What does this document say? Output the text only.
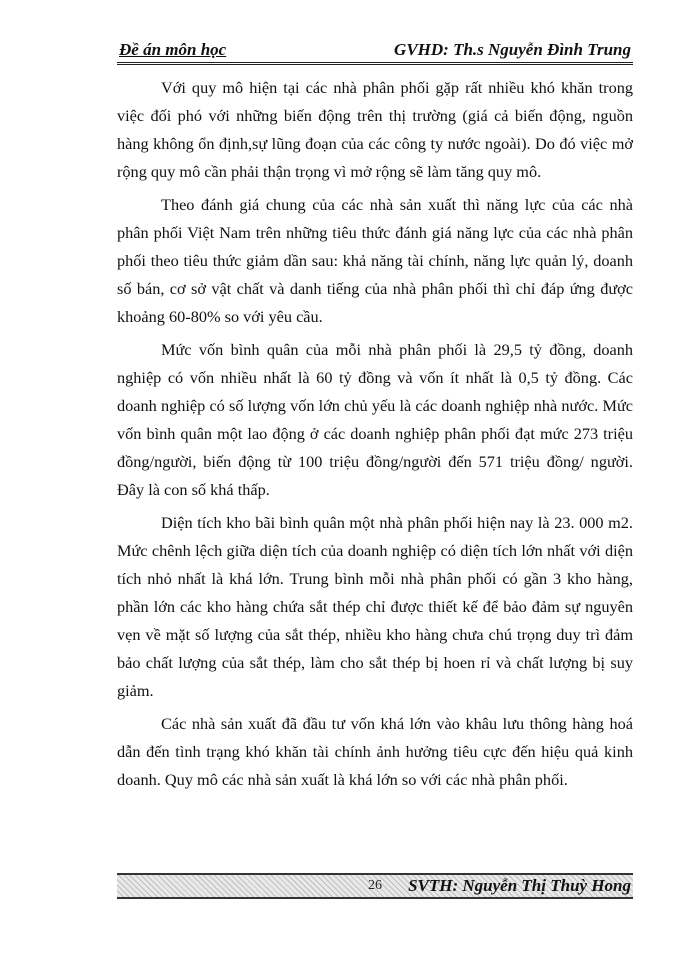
Đề án môn học	GVHD: Th.s Nguyễn Đình Trung

Với quy mô hiện tại các nhà phân phối gặp rất nhiều khó khăn trong việc đối phó với những biến động trên thị trường (giá cả biến động, nguồn hàng không ổn định,sự lũng đoạn của các công ty nước ngoài). Do đó việc mở rộng quy mô cần phải thận trọng vì mở rộng sẽ làm tăng quy mô.

Theo đánh giá chung của các nhà sản xuất thì năng lực của các nhà phân phối Việt Nam trên những tiêu thức đánh giá năng lực của các nhà phân phối theo tiêu thức giảm dần sau: khả năng tài chính, năng lực quản lý, doanh số bán, cơ sở vật chất và danh tiếng của nhà phân phối thì chỉ đáp ứng được khoảng 60-80% so với yêu cầu.

Mức vốn bình quân của mỗi nhà phân phối là 29,5 tỷ đồng, doanh nghiệp có vốn nhiều nhất là 60 tỷ đồng và vốn ít nhất là 0,5 tỷ đồng. Các doanh nghiệp có số lượng vốn lớn chủ yếu là các doanh nghiệp nhà nước. Mức vốn bình quân một lao động ở các doanh nghiệp phân phối đạt mức 273 triệu đồng/người, biến động từ 100 triệu đồng/người đến 571 triệu đồng/ người. Đây là con số khá thấp.

Diện tích kho bãi bình quân một nhà phân phối hiện nay là 23. 000 m2. Mức chênh lệch giữa diện tích của doanh nghiệp có diện tích lớn nhất với diện tích nhỏ nhất là khá lớn. Trung bình mỗi nhà phân phối có gần 3 kho hàng, phần lớn các kho hàng chứa sắt thép chỉ được thiết kế để bảo đảm sự nguyên vẹn về mặt số lượng của sắt thép, nhiều kho hàng chưa chú trọng duy trì đảm bảo chất lượng của sắt thép, làm cho sắt thép bị hoen rỉ và chất lượng bị suy giảm.

Các nhà sản xuất đã đầu tư vốn khá lớn vào khâu lưu thông hàng hoá dẫn đến tình trạng khó khăn tài chính ảnh hưởng tiêu cực đến hiệu quả kinh doanh. Quy mô các nhà sản xuất là khá lớn so với các nhà phân phối.

26 SVTH: Nguyễn Thị Thuỳ Hong
